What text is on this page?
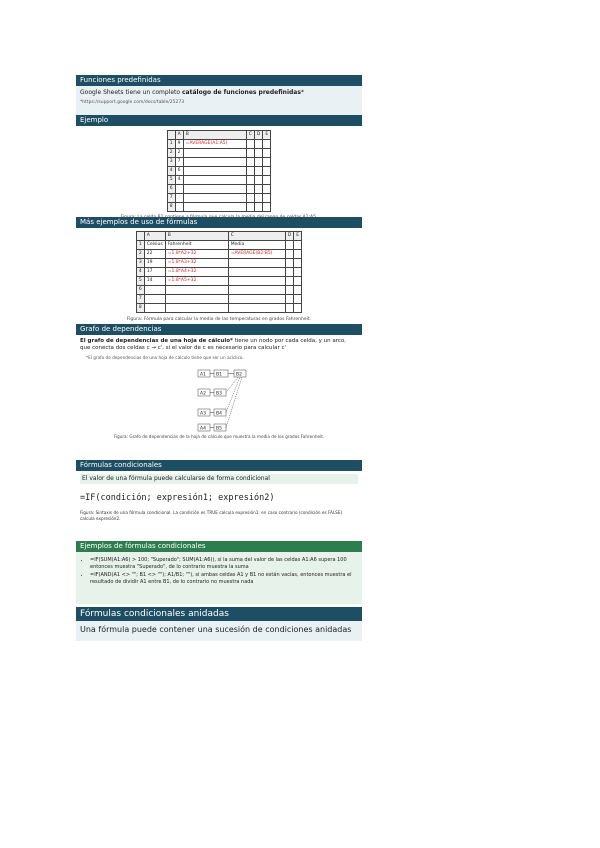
Funciones predefinidas
Google Sheets tiene un completo catálogo de funciones predefinidas*
*https://support.google.com/docs/table/25273
Ejemplo
	A	B	C	D	E
1	9	=AVERAGE(A1:A5)			
2	2				
3	7				
4	6				
5	4				
6					
7					
8					
Más ejemplos de uso de fórmulas
	A	B	C	D	E
1	Celsius	Fahrenheit	Media		
2	22	=1.8*A2+32	=AVERAGE(B2:B5)		
3	19	=1.8*A3+32			
4	17	=1.8*A4+32			
5	14	=1.8*A5+32			
6					
7					
8					
Figura: Fórmula para calcular la media de las temperaturas en grados Fahrenheit.
Grafo de dependencias
El grafo de dependencias de una hoja de cálculo* tiene un nodo por cada celda, y un arco, que conecta dos celdas c → c', si el valor de c es necesario para calcular c'
*El grafo de dependencias de una hoja de cálculo tiene que ser un acíclico.
A1 B1	B2
A2 B3
A3 B4
A4 B5
Figura: Grafo de dependencias de la hoja de cálculo que muestra la media de los grados Fahrenheit.
Fórmulas condicionales
El valor de una fórmula puede calcularse de forma condicional
=IF(condición; expresión1; expresión2)
Figura: Sintaxis de una fórmula condicional. La condición es TRUE calcula expresión1; en caso contrario (condición es FALSE) calcula expresión2.
Ejemplos de fórmulas condicionales
• =IF(SUM(A1:A6) > 100; "Superado"; SUM(A1:A6)), si la suma del valor de las celdas A1:A6 supera 100 entonces muestra "Superado", de lo contrario muestra la suma
• =IF(AND(A1 <> ""; B1 <> ""); A1/B1; ""), si ambas celdas A1 y B1 no están vacías, entonces muestra el resultado de dividir A1 entre B1, de lo contrario no muestra nada
Fórmulas condicionales anidadas
Una fórmula puede contener una sucesión de condiciones anidadas
